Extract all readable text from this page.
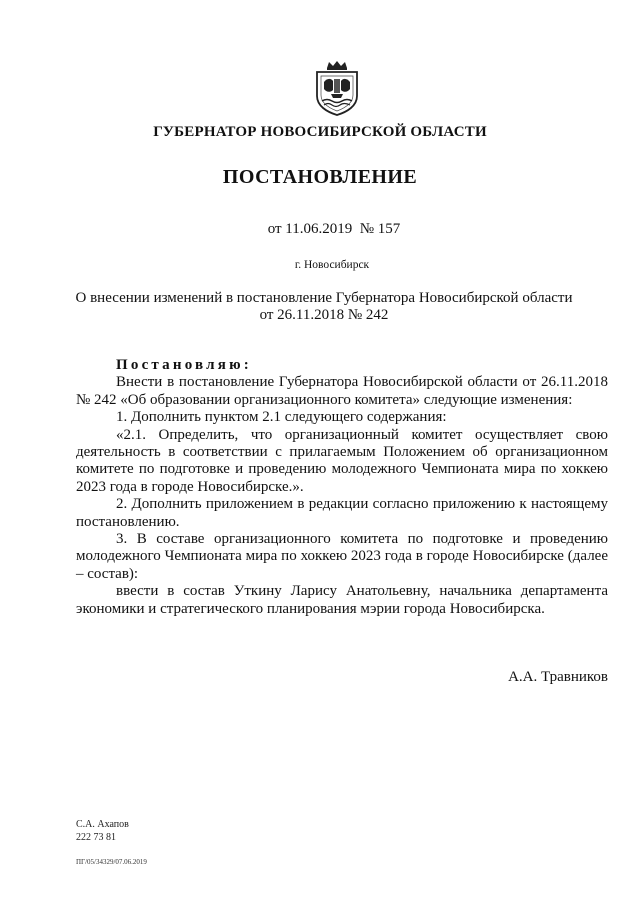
ГУБЕРНАТОР НОВОСИБИРСКОЙ ОБЛАСТИ
ПОСТАНОВЛЕНИЕ
от 11.06.2019  № 157
г. Новосибирск
О внесении изменений в постановление Губернатора Новосибирской области
от 26.11.2018 № 242

Постановляю:

Внести в постановление Губернатора Новосибирской области от 26.11.2018 № 242 «Об образовании организационного комитета» следующие изменения:

1. Дополнить пунктом 2.1 следующего содержания:

«2.1. Определить, что организационный комитет осуществляет свою деятельность в соответствии с прилагаемым Положением об организационном комитете по подготовке и проведению молодежного Чемпионата мира по хоккею 2023 года в городе Новосибирске.».

2. Дополнить приложением в редакции согласно приложению к настоящему постановлению.

3. В составе организационного комитета по подготовке и проведению молодежного Чемпионата мира по хоккею 2023 года в городе Новосибирске (далее – состав):

ввести в состав Уткину Ларису Анатольевну, начальника департамента экономики и стратегического планирования мэрии города Новосибирска.

А.А. Травников
С.А. Ахапов
222 73 81
ПГ/05/34329/07.06.2019
